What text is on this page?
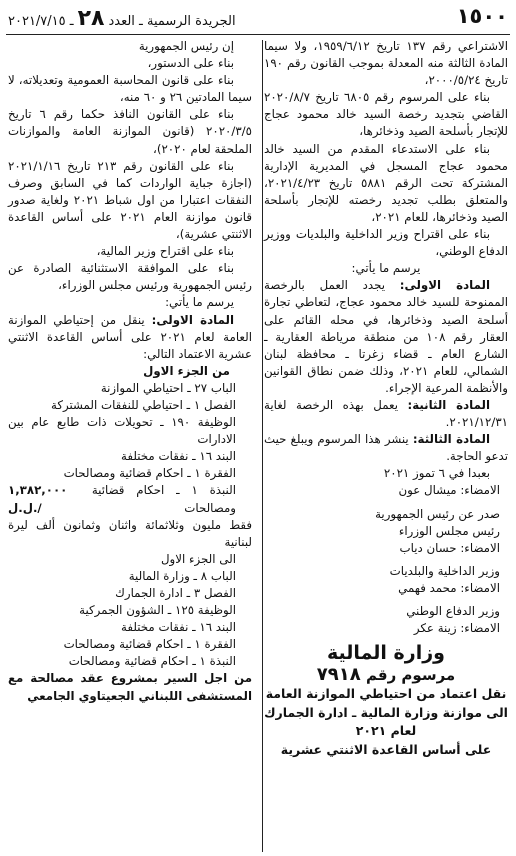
١٥٠٠
الجريدة الرسمية ـ العدد٢٨ـ ٢٠٢١/٧/١٥

الاشتراعي رقم ١٣٧ تاريخ ١٩٥٩/٦/١٢، ولا سيما المادة الثالثة منه المعدلة بموجب القانون رقم ١٩٠ تاريخ ٢٠٠٠/٥/٢٤،

بناء على المرسوم رقم ٦٨٠٥ تاريخ ٢٠٢٠/٨/٧ القاضي بتجديد رخصة السيد خالد محمود عجاج للإتجار بأسلحة الصيد وذخائرها،

بناء على الاستدعاء المقدم من السيد خالد محمود عجاج المسجل في المديرية الإدارية المشتركة تحت الرقم ٥٨٨١ تاريخ ٢٠٢١/٤/٢٣، والمتعلق بطلب تجديد رخصته للإتجار بأسلحة الصيد وذخائرها، للعام ٢٠٢١،

بناء على اقتراح وزير الداخلية والبلديات ووزير الدفاع الوطني،

يرسم ما يأتي:

المادة الاولى: يجدد العمل بالرخصة الممنوحة للسيد خالد محمود عجاج، لتعاطي تجارة أسلحة الصيد وذخائرها، في محله القائم على العقار رقم ١٠٨ من منطقة مرياطة العقارية ـ الشارع العام ـ قضاء زغرتا ـ محافظة لبنان الشمالي، للعام ٢٠٢١، وذلك ضمن نطاق القوانين والأنظمة المرعية الإجراء.

المادة الثانية: يعمل بهذه الرخصة لغاية ٢٠٢١/١٢/٣١.

المادة الثالثة: ينشر هذا المرسوم ويبلغ حيث تدعو الحاجة.

بعبدا في ٦ تموز ٢٠٢١

الامضاء: ميشال عون

صدر عن رئيس الجمهورية

رئيس مجلس الوزراء

الامضاء: حسان دياب

وزير الداخلية والبلديات

الامضاء: محمد فهمي

وزير الدفاع الوطني

الامضاء: زينة عكر

وزارة المالية
مرسوم رقم ٧٩١٨
نقل اعتماد من احتياطي الموازنة العامة
الى موازنة وزارة المالية ـ ادارة الجمارك
لعام ٢٠٢١
على أساس القاعدة الاثنتي عشرية

إن رئيس الجمهورية

بناء على الدستور،

بناء على قانون المحاسبة العمومية وتعديلاته، لا سيما المادتين ٢٦ و ٦٠ منه،

بناء على القانون النافذ حكما رقم ٦ تاريخ ٢٠٢٠/٣/٥ (قانون الموازنة العامة والموازنات الملحقة لعام ٢٠٢٠)،

بناء على القانون رقم ٢١٣ تاريخ ٢٠٢١/١/١٦ (اجازة جباية الواردات كما في السابق وصرف النفقات اعتبارا من اول شباط ٢٠٢١ ولغاية صدور قانون موازنة العام ٢٠٢١ على أساس القاعدة الاثنتي عشرية)،

بناء على اقتراح وزير المالية،

بناء على الموافقة الاستثنائية الصادرة عن رئيس الجمهورية ورئيس مجلس الوزراء،

يرسم ما يأتي:

المادة الاولى: ينقل من إحتياطي الموازنة العامة لعام ٢٠٢١ على أساس القاعدة الاثنتي عشرية الاعتماد التالي:

من الجزء الاول

الباب ٢٧ ـ احتياطي الموازنة

الفصل ١ ـ احتياطي للنفقات المشتركة

الوظيفة ١٩٠ ـ تحويلات ذات طابع عام بين الادارات

البند ١٦ ـ نفقات مختلفة

الفقرة ١ ـ احكام قضائية ومصالحات

النبذة ١ ـ احكام قضائية ومصالحات
١,٣٨٢,٠٠٠ /.ل.ل

فقط مليون وثلاثمائة واثنان وثمانون ألف ليرة لبنانية

الى الجزء الاول

الباب ٨ ـ وزارة المالية

الفصل ٣ ـ ادارة الجمارك

الوظيفة ١٢٥ ـ الشؤون الجمركية

البند ١٦ ـ نفقات مختلفة

الفقرة ١ ـ احكام قضائية ومصالحات

النبذة ١ ـ احكام قضائية ومصالحات

من اجل السير بمشروع عقد مصالحة مع المستشفى اللبناني الجعيتاوي الجامعي
